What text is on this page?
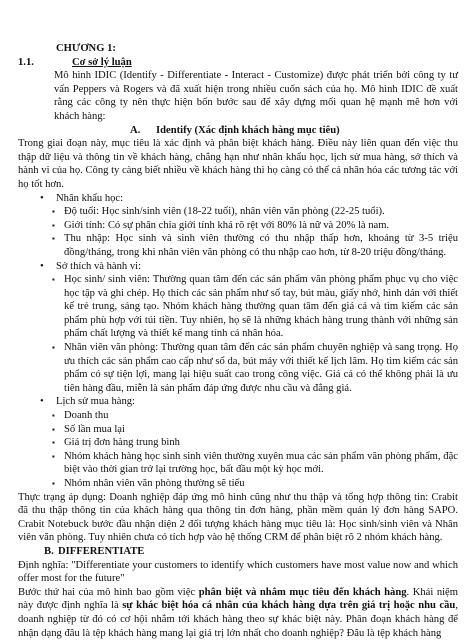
CHƯƠNG 1:
1.1.	Cơ sở lý luận

Mô hình IDIC (Identify - Differentiate - Interact - Customize) được phát triển bởi công ty tư vấn Peppers và Rogers và đã xuất hiện trong nhiều cuốn sách của họ. Mô hình IDIC đề xuất rằng các công ty nên thực hiện bốn bước sau để xây dựng mối quan hệ mạnh mẽ hơn với khách hàng:

A. Identify (Xác định khách hàng mục tiêu)

Trong giai đoạn này, mục tiêu là xác định và phân biệt khách hàng. Điều này liên quan đến việc thu thập dữ liệu và thông tin về khách hàng, chẳng hạn như nhân khẩu học, lịch sử mua hàng, sở thích và hành vi của họ. Công ty càng biết nhiều về khách hàng thì họ càng có thể cá nhân hóa các tương tác với họ tốt hơn.

• Nhân khẩu học:
▪ Độ tuổi: Học sinh/sinh viên (18-22 tuổi), nhân viên văn phòng (22-25 tuổi).
▪ Giới tính: Có sự phân chia giới tính khá rõ rệt với 80% là nữ và 20% là nam.
▪ Thu nhập: Học sinh và sinh viên thường có thu nhập thấp hơn, khoảng từ 3-5 triệu đồng/tháng, trong khi nhân viên văn phòng có thu nhập cao hơn, từ 8-20 triệu đồng/tháng.
• Sở thích và hành vi:
▪ Học sinh/ sinh viên: Thường quan tâm đến các sản phẩm văn phòng phẩm phục vụ cho việc học tập và ghi chép. Họ thích các sản phẩm như sổ tay, bút màu, giấy nhớ, hình dán với thiết kế trẻ trung, sáng tạo. Nhóm khách hàng thường quan tâm đến giá cả và tìm kiếm các sản phẩm phù hợp với túi tiền. Tuy nhiên, họ sẽ là những khách hàng trung thành với những sản phẩm chất lượng và thiết kế mang tính cá nhân hóa.
▪ Nhân viên văn phòng: Thường quan tâm đến các sản phẩm chuyên nghiệp và sang trọng. Họ ưu thích các sản phẩm cao cấp như sổ da, bút máy với thiết kế lịch lãm. Họ tìm kiếm các sản phẩm có sự tiện lợi, mang lại hiệu suất cao trong công việc. Giá cả có thể không phải là ưu tiên hàng đầu, miễn là sản phẩm đáp ứng được nhu cầu và đẳng giá.
• Lịch sử mua hàng:
▪ Doanh thu
▪ Số lần mua lại
▪ Giá trị đơn hàng trung bình
▪ Nhóm khách hàng học sinh sinh viên thường xuyên mua các sản phẩm văn phòng phẩm, đặc biệt vào thời gian trở lại trường học, bất đầu một kỳ học mới.
▪ Nhóm nhân viên văn phòng thường sẽ tiếu

Thực trạng áp dụng: Doanh nghiệp đáp ứng mô hình cũng như thu thập và tổng hợp thông tin: Crabit đã thu thập thông tin của khách hàng qua thông tin đơn hàng, phần mềm quản lý đơn hàng SAPO. Crabit Notebuck bước đầu nhận diện 2 đối tượng khách hàng mục tiêu là: Học sinh/sinh viên và Nhân viên văn phòng. Tuy nhiên chưa có tích hợp vào hệ thống CRM để phân biệt rõ 2 nhóm khách hàng.

B. DIFFERENTIATE

Định nghĩa: "Differentiate your customers to identify which customers have most value now and which offer most for the future"

Bước thứ hai của mô hình bao gồm việc phân biệt và nhắm mục tiêu đến khách hàng. Khái niệm này được định nghĩa là sự khác biệt hóa cá nhân của khách hàng dựa trên giá trị hoặc nhu cầu, doanh nghiệp từ đó có cơ hội nhắm tới khách hàng theo sự khác biệt này. Phân đoạn khách hàng để nhận dạng đâu là tệp khách hàng mang lại giá trị lớn nhất cho doanh nghiệp? Đâu là tệp khách hàng
